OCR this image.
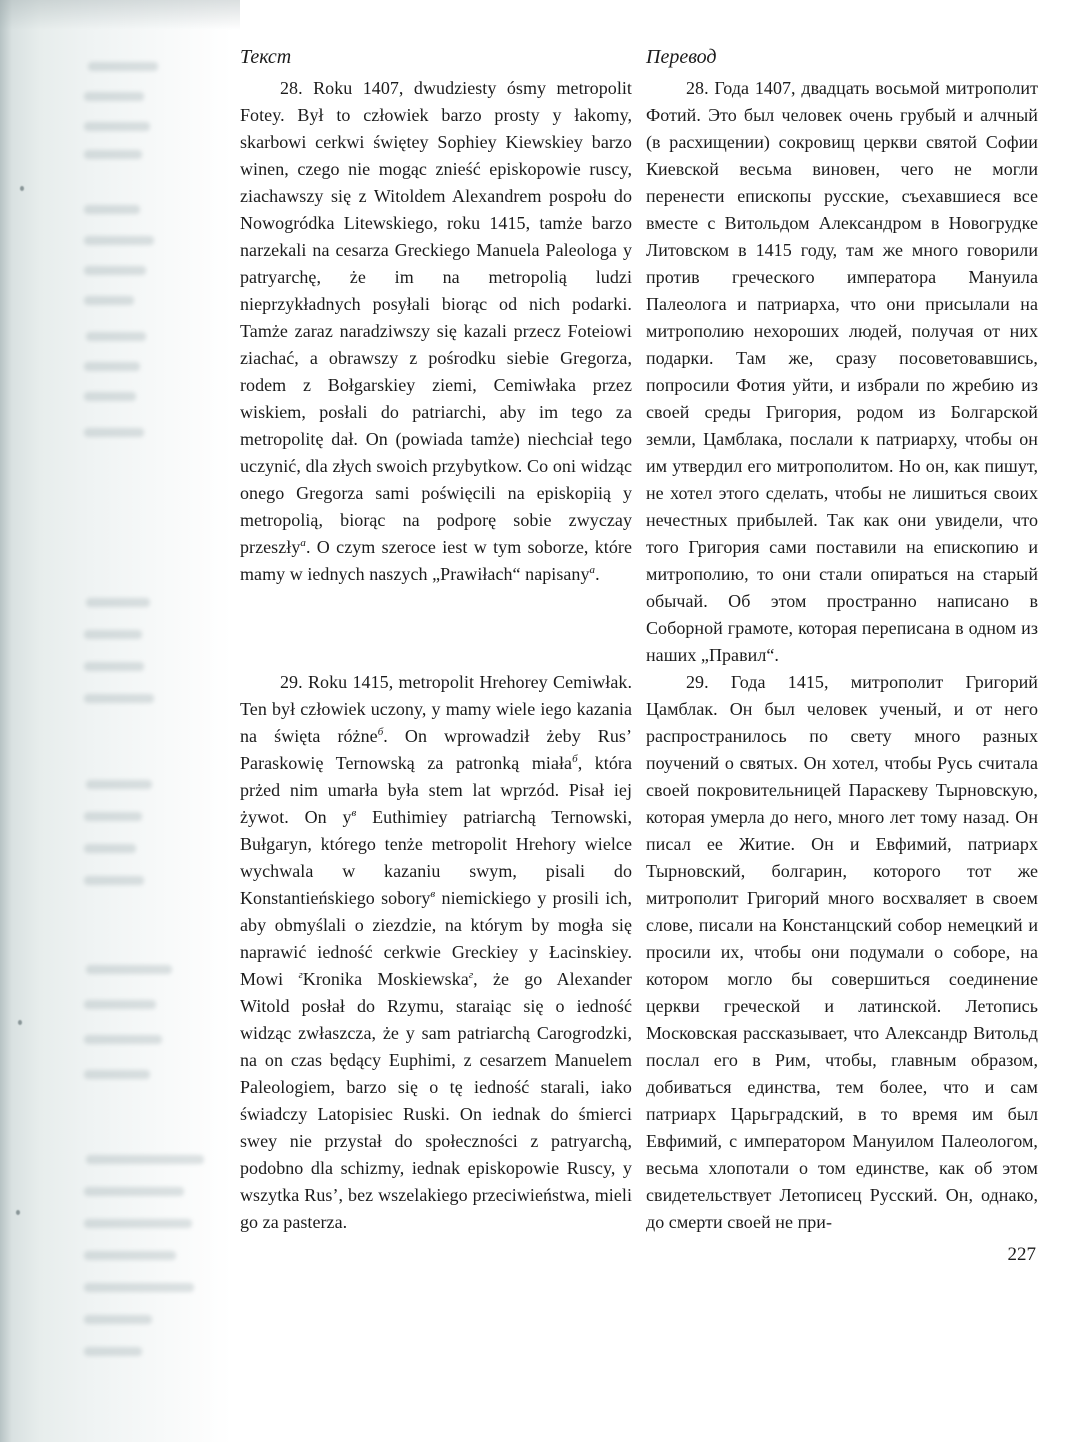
Текст	Перевод

28. Roku 1407, dwudziesty ósmy metropolit Fotey. Był to człowiek barzo prosty y łakomy, skarbowi cerkwi świętey Sophiey Kiewskiey barzo winen, czego nie mogąc znieść episkopowie ruscy, ziachawszy się z Witoldem Alexandrem pospołu do Nowogródka Litewskiego, roku 1415, tamże barzo narzekali na cesarza Greckiego Manuela Paleologa y patryarchę, że im na metropolią ludzi nieprzykładnych posyłali biorąc od nich podarki. Tamże zaraz naradziwszy się kazali przecz Foteiowi ziachać, a obrawszy z pośrodku siebie Gregorza, rodem z Bołgarskiey ziemi, Cemiwłaka przez wiskiem, posłali do patriarchi, aby im tego za metropolitę dał. On (powiada tamże) niechciał tego uczynić, dla złych swoich przybytkow. Co oni widząc onego Gregorza sami poświęcili na episkopiią y metropolią, biorąc na podporę sobie zwyczay przeszły$^а$. O czym szeroce iest w tym soborze, które mamy w iednych naszych „Prawiłach“ napisany$^а$.

28. Года 1407, двадцать восьмой митрополит Фотий. Это был человек очень грубый и алчный (в расхищении) сокровищ церкви святой Софии Киевской весьма виновен, чего не могли перенести епископы русские, съехавшиеся все вместе с Витольдом Александром в Новогрудке Литовском в 1415 году, там же много говорили против греческого императора Мануила Палеолога и патриарха, что они присылали на митрополию нехороших людей, получая от них подарки. Там же, сразу посоветовавшись, попросили Фотия уйти, и избрали по жребию из своей среды Григория, родом из Болгарской земли, Цамблака, послали к патриарху, чтобы он им утвердил его митрополитом. Но он, как пишут, не хотел этого сделать, чтобы не лишиться своих нечестных прибылей. Так как они увидели, что того Григория сами поставили на епископию и митрополию, то они стали опираться на старый обычай. Об этом пространно написано в Соборной грамоте, которая переписана в одном из наших „Правил“.

29. Roku 1415, metropolit Hrehorey Cemiwłak. Ten był człowiek uczony, y mamy wiele iego kazania na święta różne$^б$. On wprowadził żeby Rus’ Paraskowię Ternowską za patronką miała$^б$, która prżed nim umarła była stem lat wprzód. Pisał iej żywot. On y$^в$ Euthimiey patriarchą Ternowski, Bułgaryn, którego tenże metropolit Hrehory wielce wychwala w kazaniu swym, pisali do Konstantieńskiego sobory$^в$ niemickiego y prosili ich, aby obmyślali o ziezdzie, na którym by mogła się naprawić iedność cerkwie Greckiey y Łacinskiey. Mowi $^г$Kronika Moskiewska$^г$, że go Alexander Witold posłał do Rzymu, staraiąc się o iedność widząc zwłaszcza, że y sam patriarchą Carogrodzki, na on czas będący Euphimi, z cesarzem Manuelem Paleologiem, barzo się o tę iedność starali, iako świadczy Latopisiec Ruski. On iednak do śmierci swey nie przystał do społeczności z patryarchą, podobno dla schizmy, iednak episkopowie Ruscy, y wszytka Rus’, bez wszelakiego przeciwieństwa, mieli go za pasterza.

29. Года 1415, митрополит Григорий Цамблак. Он был человек ученый, и от него распространилось по свету много разных поучений о святых. Он хотел, чтобы Русь считала своей покровительницей Параскеву Тырновскую, которая умерла до него, много лет тому назад. Он писал ее Житие. Он и Евфимий, патриарх Тырновский, болгарин, которого тот же митрополит Григорий много восхваляет в своем слове, писали на Констанцский собор немецкий и просили их, чтобы они подумали о соборе, на котором могло бы совершиться соединение церкви греческой и латинской. Летопись Московская рассказывает, что Александр Витольд послал его в Рим, чтобы, главным образом, добиваться единства, тем более, что и сам патриарх Царьградский, в то время им был Евфимий, с императором Мануилом Палеологом, весьма хлопотали о том единстве, как об этом свидетельствует Летописец Русский. Он, однако, до смерти своей не при-

227
